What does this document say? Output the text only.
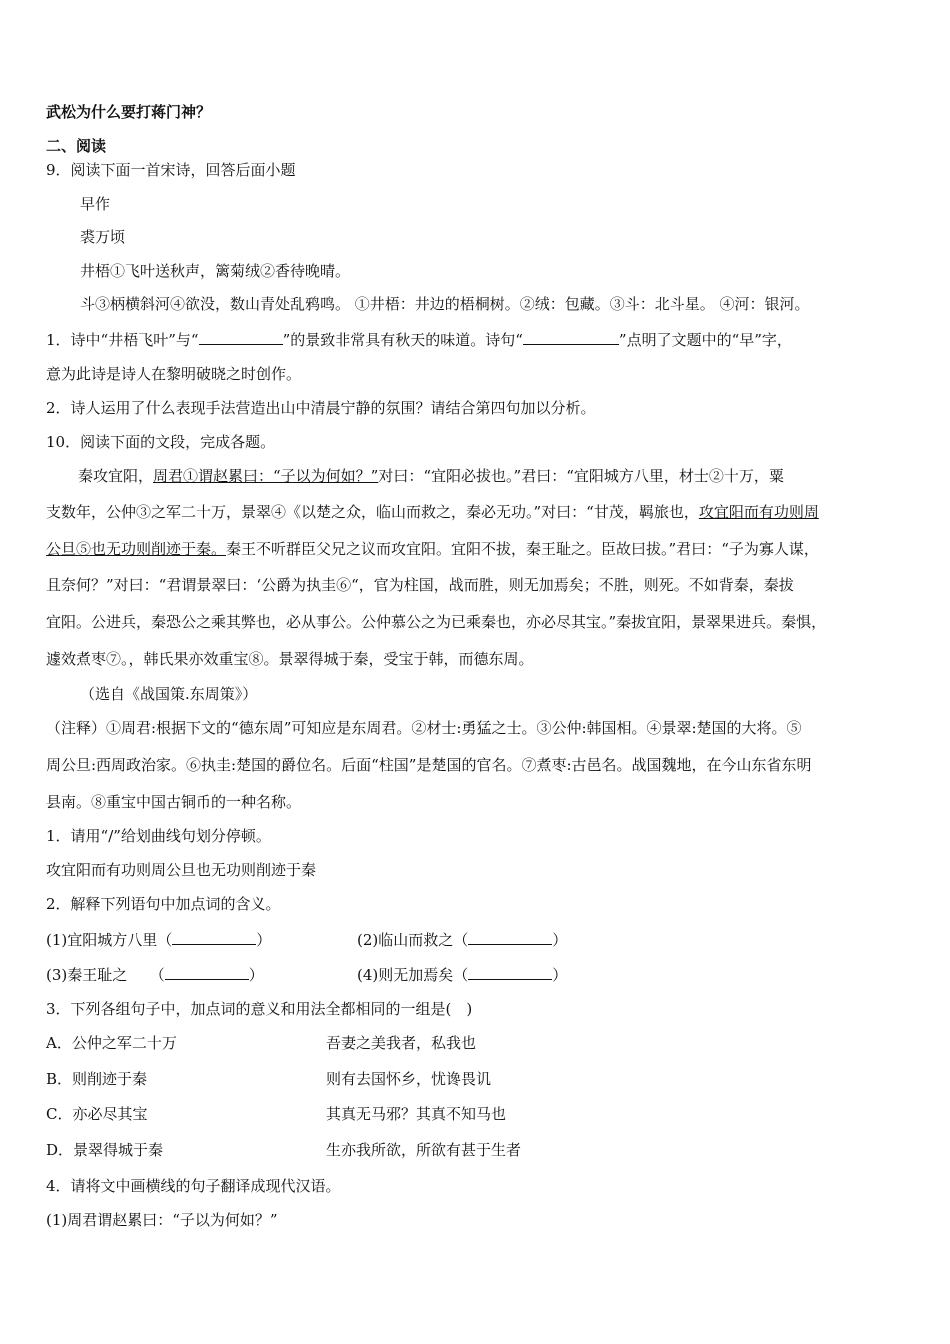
武松为什么要打蒋门神？
二、阅读
9．阅读下面一首宋诗，回答后面小题
早作
裘万顷
井梧①飞叶送秋声，篱菊绒②香待晚晴。
斗③柄横斜河④欲没，数山青处乱鸦鸣。 ①井梧：井边的梧桐树。②绒：包藏。③斗：北斗星。 ④河：银河。
1．诗中“井梧飞叶”与“	”的景致非常具有秋天的味道。诗句“	”点明了文题中的“早”字，
意为此诗是诗人在黎明破晓之时创作。
2．诗人运用了什么表现手法营造出山中清晨宁静的氛围？请结合第四句加以分析。
10．阅读下面的文段，完成各题。
秦攻宜阳，周君①谓赵累曰：“子以为何如？”对曰：“宜阳必拔也。”君曰：“宜阳城方八里，材士②十万，粟
支数年，公仲③之军二十万，景翠④《以楚之众，临山而救之，秦必无功。”对曰：“甘茂，羁旅也，攻宜阳而有功则周
公旦⑤也无功则削迹于秦。秦王不听群臣父兄之议而攻宜阳。宜阳不拔，秦王耻之。臣故曰拔。”君曰：“子为寡人谋，
且奈何？”对曰：“君谓景翠曰：‘公爵为执圭⑥“，官为柱国，战而胜，则无加焉矣；不胜，则死。不如背秦，秦拔
宜阳。公进兵，秦恐公之乘其弊也，必从事公。公仲慕公之为已乘秦也，亦必尽其宝。”秦拔宜阳，景翠果进兵。秦惧，
遽效煮枣⑦。，韩氏果亦效重宝⑧。景翠得城于秦，受宝于韩，而德东周。
（选自《战国策.东周策》）
（注释）①周君:根据下文的“德东周”可知应是东周君。②材士:勇猛之士。③公仲:韩国相。④景翠:楚国的大将。⑤
周公旦:西周政治家。⑥执圭:楚国的爵位名。后面“柱国”是楚国的官名。⑦煮枣:古邑名。战国魏地，在今山东省东明
县南。⑧重宝中国古铜币的一种名称。
1．请用“/”给划曲线句划分停顿。
攻宜阳而有功则周公旦也无功则削迹于秦
2．解释下列语句中加点词的含义。
(1)宜阳城方八里（	）	(2)临山而救之（	）
(3)秦王耻之　　（	）	(4)则无加焉矣（	）
3．下列各组句子中，加点词的意义和用法全都相同的一组是(　)
A．公仲之军二十万	吾妻之美我者，私我也
B．则削迹于秦	则有去国怀乡，忧谗畏讥
C．亦必尽其宝	其真无马邪？其真不知马也
D．景翠得城于秦	生亦我所欲，所欲有甚于生者
4．请将文中画横线的句子翻译成现代汉语。
(1)周君谓赵累曰：“子以为何如？”
